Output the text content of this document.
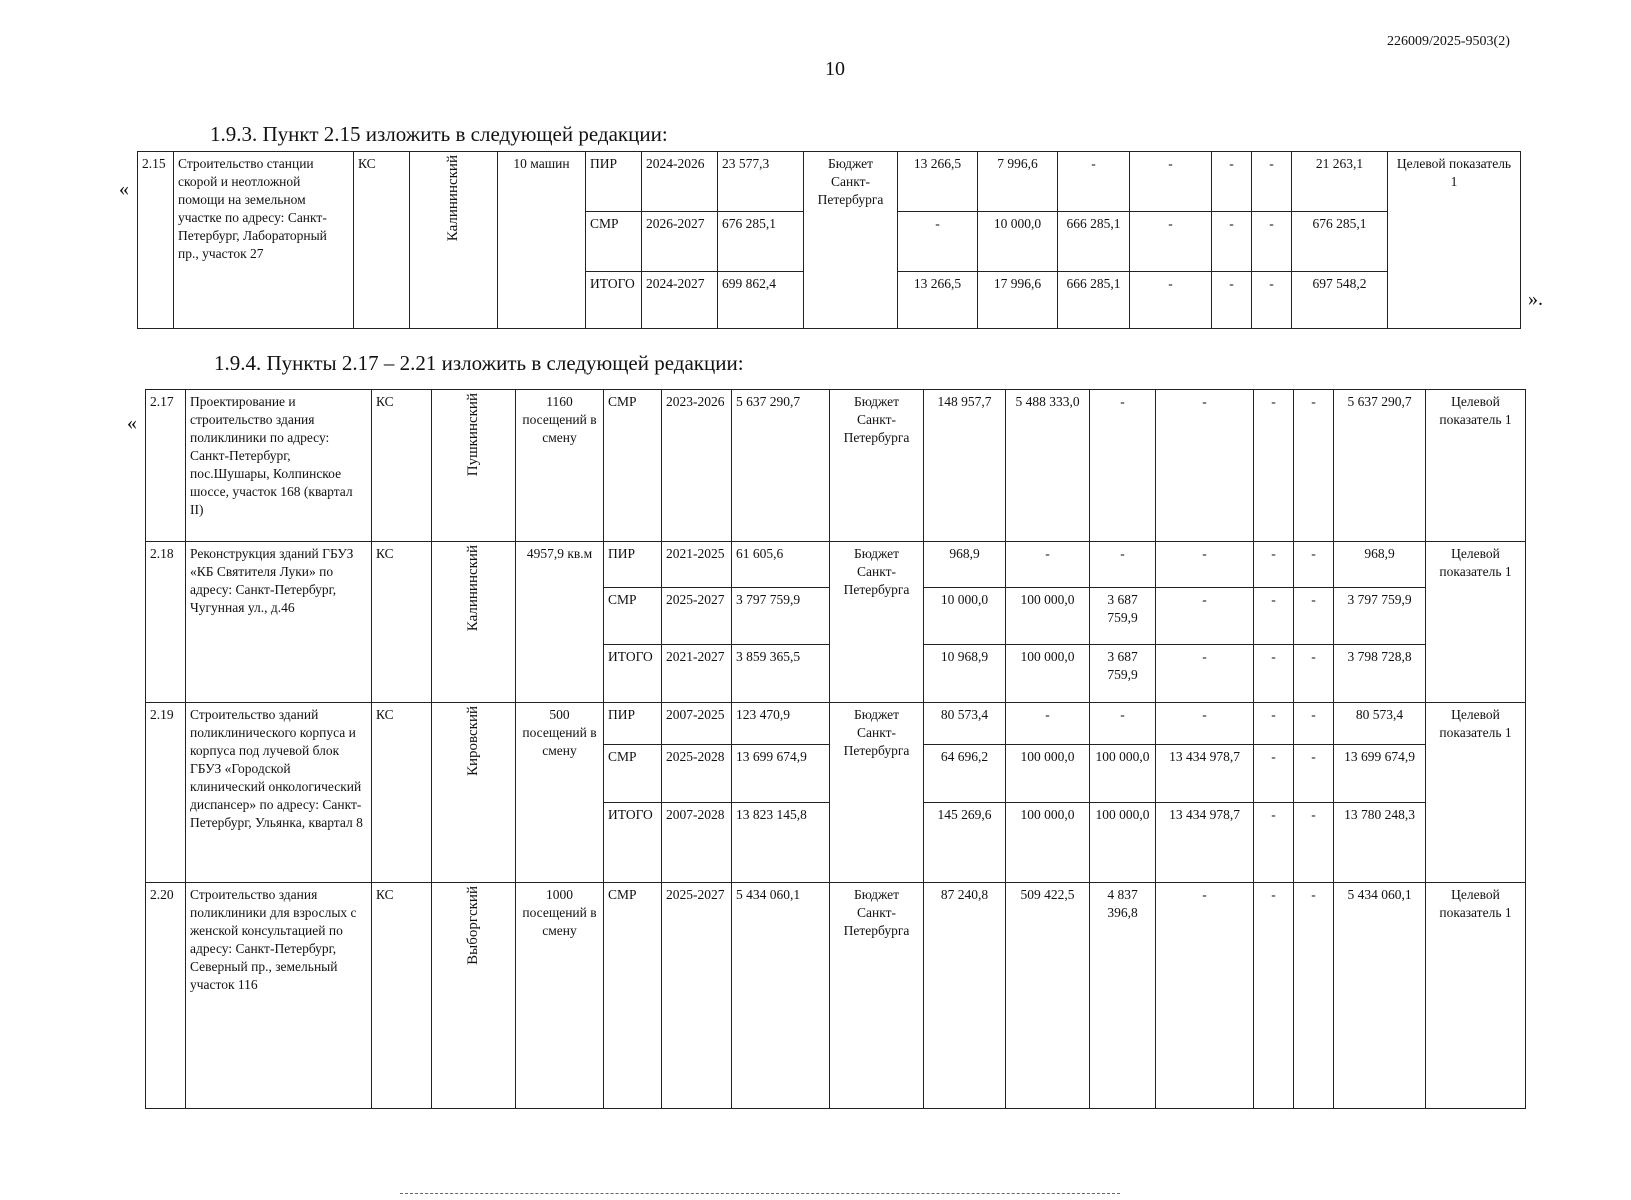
226009/2025-9503(2)
10
1.9.3. Пункт 2.15 изложить в следующей редакции:
«
».
2.15	Строительство станции скорой и неотложной помощи на земельном участке по адресу: Санкт-Петербург, Лабораторный пр., участок 27	КС	Калининский	10 машин	ПИР	2024-2026	23 577,3	Бюджет Санкт-Петербурга	13 266,5	7 996,6	-	-	-	-	21 263,1	Целевой показатель 1
					СМР	2026-2027	676 285,1		-	10 000,0	666 285,1	-	-	-	676 285,1	
					ИТОГО	2024-2027	699 862,4		13 266,5	17 996,6	666 285,1	-	-	-	697 548,2	
1.9.4. Пункты 2.17 – 2.21 изложить в следующей редакции:
«
2.17	Проектирование и строительство здания поликлиники по адресу: Санкт-Петербург, пос.Шушары, Колпинское шоссе, участок 168 (квартал II)	КС	Пушкинский	1160 посещений в смену	СМР	2023-2026	5 637 290,7	Бюджет Санкт-Петербурга	148 957,7	5 488 333,0	-	-	-	-	5 637 290,7	Целевой показатель 1
2.18	Реконструкция зданий ГБУЗ «КБ Святителя Луки» по адресу: Санкт-Петербург, Чугунная ул., д.46	КС	Калининский	4957,9 кв.м	ПИР	2021-2025	61 605,6	Бюджет Санкт-Петербурга	968,9	-	-	-	-	-	968,9	Целевой показатель 1
					СМР	2025-2027	3 797 759,9		10 000,0	100 000,0	3 687 759,9	-	-	-	3 797 759,9	
					ИТОГО	2021-2027	3 859 365,5		10 968,9	100 000,0	3 687 759,9	-	-	-	3 798 728,8	
2.19	Строительство зданий поликлинического корпуса и корпуса под лучевой блок ГБУЗ «Городской клинический онкологический диспансер» по адресу: Санкт-Петербург, Ульянка, квартал 8	КС	Кировский	500 посещений в смену	ПИР	2007-2025	123 470,9	Бюджет Санкт-Петербурга	80 573,4	-	-	-	-	-	80 573,4	Целевой показатель 1
					СМР	2025-2028	13 699 674,9		64 696,2	100 000,0	100 000,0	13 434 978,7	-	-	13 699 674,9	
					ИТОГО	2007-2028	13 823 145,8		145 269,6	100 000,0	100 000,0	13 434 978,7	-	-	13 780 248,3	
2.20	Строительство здания поликлиники для взрослых с женской консультацией по адресу: Санкт-Петербург, Северный пр., земельный участок 116	КС	Выборгский	1000 посещений в смену	СМР	2025-2027	5 434 060,1	Бюджет Санкт-Петербурга	87 240,8	509 422,5	4 837 396,8	-	-	-	5 434 060,1	Целевой показатель 1
